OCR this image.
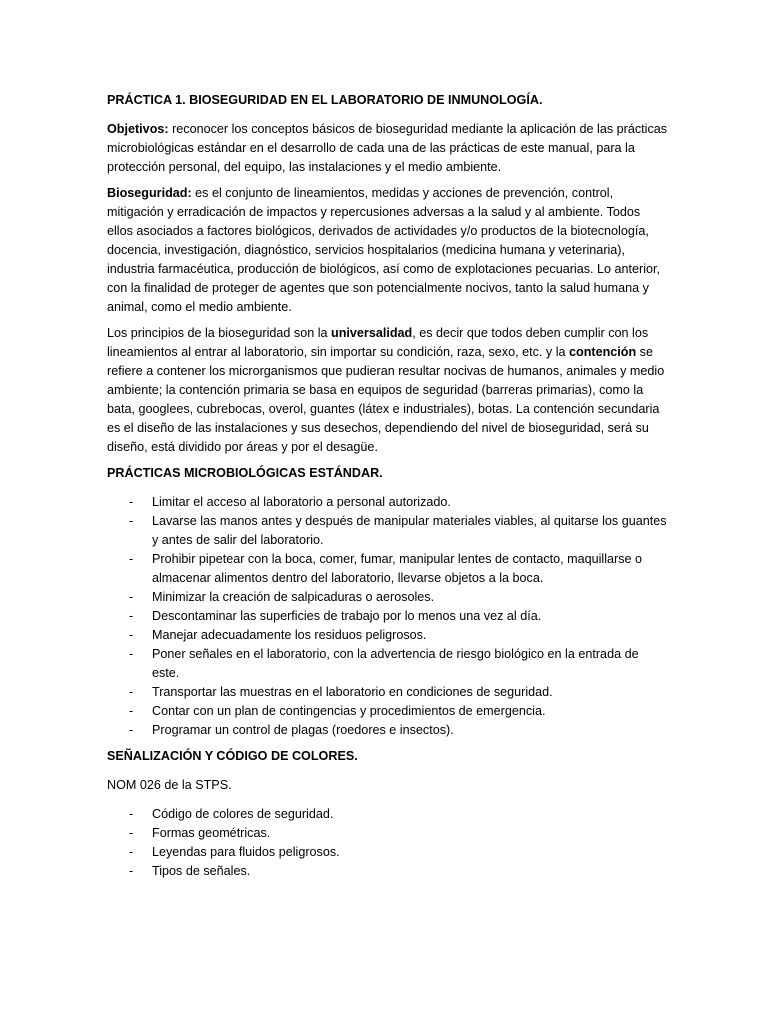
PRÁCTICA 1. BIOSEGURIDAD EN EL LABORATORIO DE INMUNOLOGÍA.

Objetivos: reconocer los conceptos básicos de bioseguridad mediante la aplicación de las prácticas microbiológicas estándar en el desarrollo de cada una de las prácticas de este manual, para la protección personal, del equipo, las instalaciones y el medio ambiente.

Bioseguridad: es el conjunto de lineamientos, medidas y acciones de prevención, control, mitigación y erradicación de impactos y repercusiones adversas a la salud y al ambiente. Todos ellos asociados a factores biológicos, derivados de actividades y/o productos de la biotecnología, docencia, investigación, diagnóstico, servicios hospitalarios (medicina humana y veterinaria), industria farmacéutica, producción de biológicos, así como de explotaciones pecuarias. Lo anterior, con la finalidad de proteger de agentes que son potencialmente nocivos, tanto la salud humana y animal, como el medio ambiente.

Los principios de la bioseguridad son la universalidad, es decir que todos deben cumplir con los lineamientos al entrar al laboratorio, sin importar su condición, raza, sexo, etc. y la contención se refiere a contener los microrganismos que pudieran resultar nocivas de humanos, animales y medio ambiente; la contención primaria se basa en equipos de seguridad (barreras primarias), como la bata, googlees, cubrebocas, overol, guantes (látex e industriales), botas. La contención secundaria es el diseño de las instalaciones y sus desechos, dependiendo del nivel de bioseguridad, será su diseño, está dividido por áreas y por el desagüe.

PRÁCTICAS MICROBIOLÓGICAS ESTÁNDAR.

- Limitar el acceso al laboratorio a personal autorizado.
- Lavarse las manos antes y después de manipular materiales viables, al quitarse los guantes y antes de salir del laboratorio.
- Prohibir pipetear con la boca, comer, fumar, manipular lentes de contacto, maquillarse o almacenar alimentos dentro del laboratorio, llevarse objetos a la boca.
- Minimizar la creación de salpicaduras o aerosoles.
- Descontaminar las superficies de trabajo por lo menos una vez al día.
- Manejar adecuadamente los residuos peligrosos.
- Poner señales en el laboratorio, con la advertencia de riesgo biológico en la entrada de este.
- Transportar las muestras en el laboratorio en condiciones de seguridad.
- Contar con un plan de contingencias y procedimientos de emergencia.
- Programar un control de plagas (roedores e insectos).

SEÑALIZACIÓN Y CÓDIGO DE COLORES.

NOM 026 de la STPS.

- Código de colores de seguridad.
- Formas geométricas.
- Leyendas para fluidos peligrosos.
- Tipos de señales.
